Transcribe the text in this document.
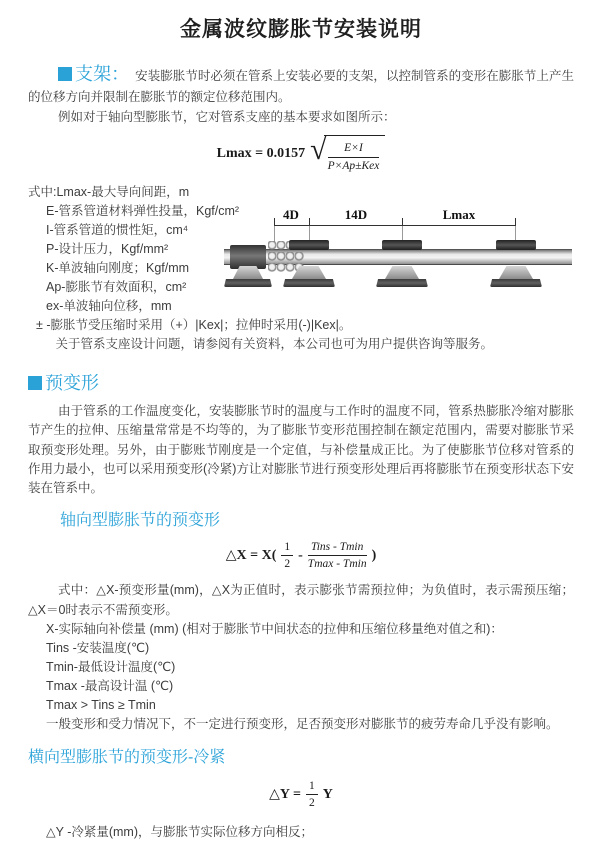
金属波纹膨胀节安装说明

支架： 安装膨胀节时必须在管系上安装必要的支架，以控制管系的变形在膨胀节上产生的位移方向并限制在膨胀节的额定位移范围内。

例如对于轴向型膨胀节，它对管系支座的基本要求如图所示：

Lmax = 0.0157 √ $\frac{E\times I}{\text{P×Ap±Kex}}$
式中:Lmax-最大导向间距，m
E-管系管道材料弹性投量，Kgf/cm²
I-管系管道的惯性矩，cm⁴
P-设计压力，Kgf/mm²
K-单波轴向刚度；Kgf/mm
Ap-膨胀节有效面积，cm²
ex-单波轴向位移，mm
4D	14D	Lmax
± -膨胀节受压缩时采用（+）|Kex|；拉伸时采用(-)|Kex|。
关于管系支座设计问题，请参阅有关资料，本公司也可为用户提供咨询等服务。
预变形

由于管系的工作温度变化，安装膨胀节时的温度与工作时的温度不同，管系热膨胀冷缩对膨胀节产生的拉伸、压缩量常常是不均等的，为了膨胀节变形范围控制在额定范围内，需要对膨胀节采取预变形处理。另外，由于膨账节刚度是一个定值，与补偿量成正比。为了使膨胀节位移对管系的作用力最小，也可以采用预变形(冷紧)方让对膨胀节进行预变形处理后再将膨胀节在预变形状态下安装在管系中。

轴向型膨胀节的预变形
△X = $X( \frac{1}{2} - \frac{\text{Tins - Tmin}}{Tmax - Tmin}$ )

式中：△X-预变形量(mm)，△X为正值时，表示膨张节需预拉伸；为负值时，表示需预压缩；△X＝0时表示不需预变形。

X-实际轴向补偿量 (mm) (相对于膨胀节中间状态的拉伸和压缩位移量绝对值之和)：
Tins -安装温度(℃)
Tmin-最低设计温度(℃)
Tmax -最高设计温 (℃)
Tmax > Tins ≥ Tmin
一般变形和受力情况下，不一定进行预变形，足否预变形对膨胀节的疲劳寿命几乎没有影响。
横向型膨胀节的预变形-冷紧
△Y = $\frac{1}{2}$ Y
△Y -冷紧量(mm)，与膨胀节实际位移方向相反；
